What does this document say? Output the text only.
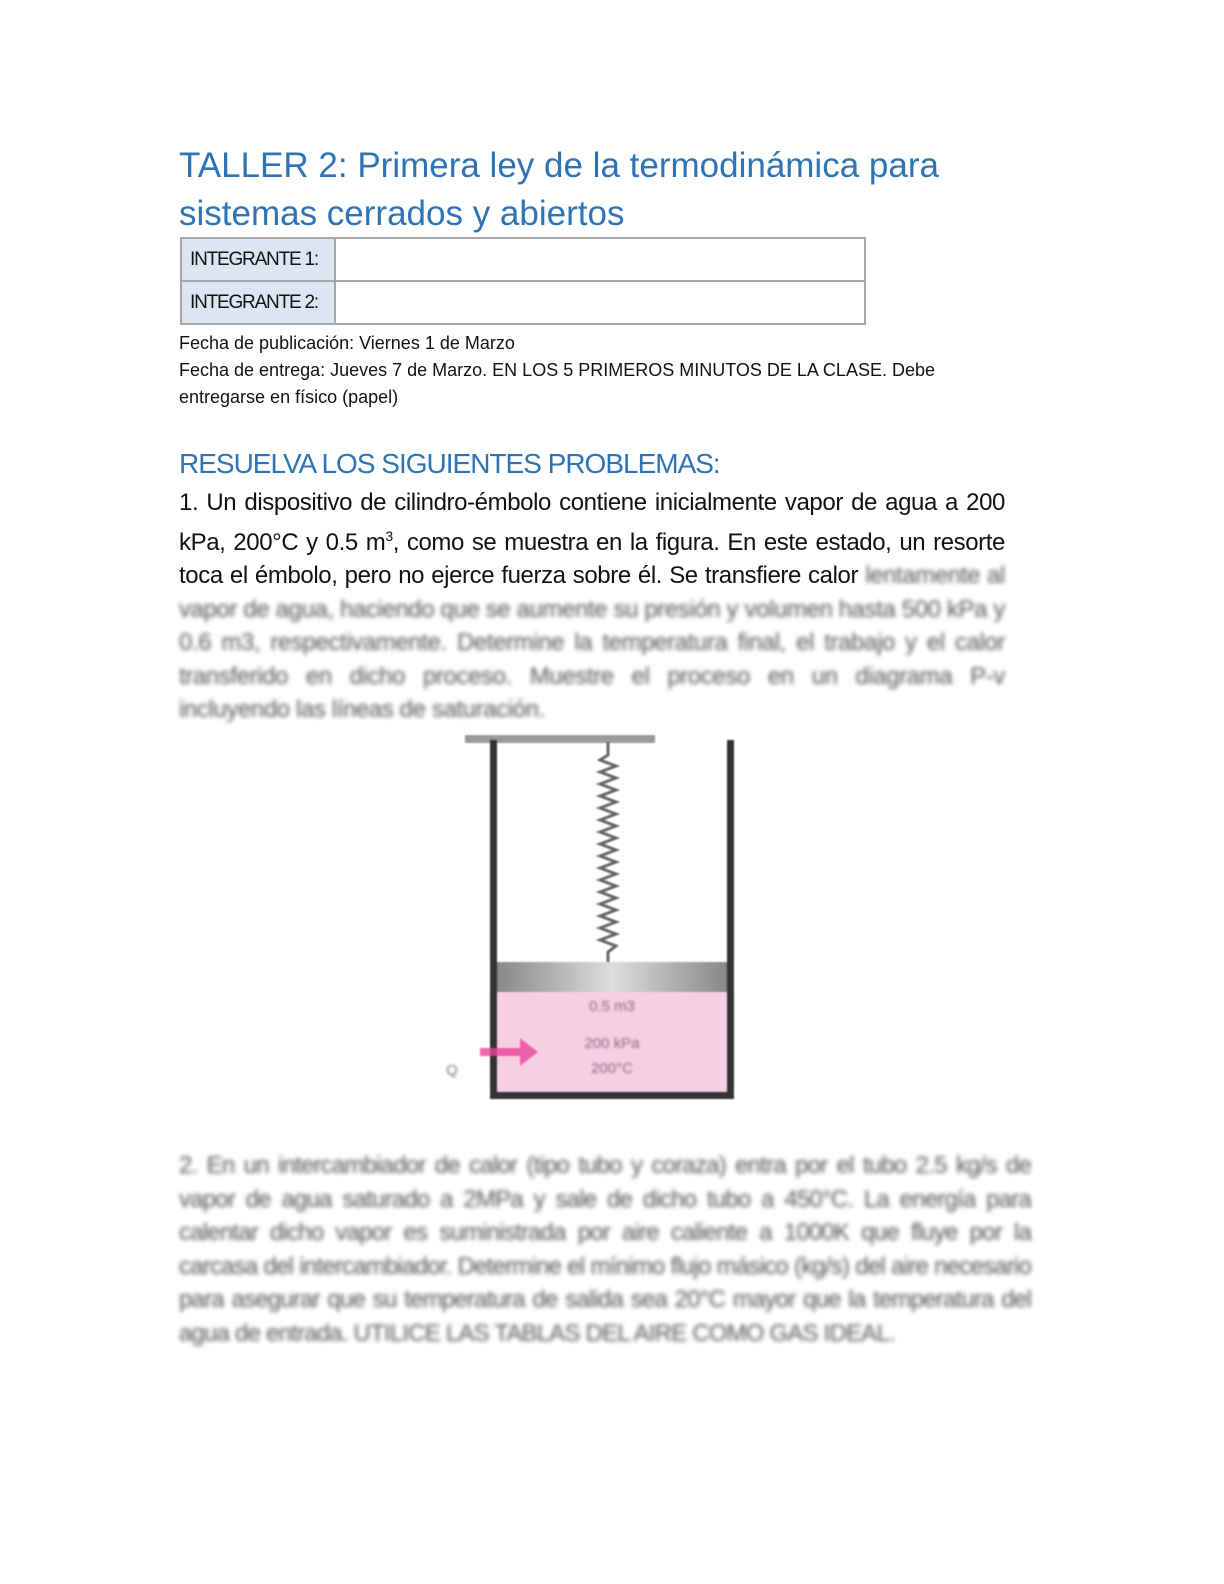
TALLER 2: Primera ley de la termodinámica para sistemas cerrados y abiertos
INTEGRANTE 1:	
INTEGRANTE 2:	
Fecha de publicación: Viernes 1 de Marzo
Fecha de entrega: Jueves 7 de Marzo. EN LOS 5 PRIMEROS MINUTOS DE LA CLASE. Debe entregarse en físico (papel)
RESUELVA LOS SIGUIENTES PROBLEMAS:
1. Un dispositivo de cilindro-émbolo contiene inicialmente vapor de agua a 200 kPa, 200°C y 0.5 $m^3$, como se muestra en la figura. En este estado, un resorte toca el émbolo, pero no ejerce fuerza sobre él. Se transfiere calor lentamente al vapor de agua, haciendo que se aumente su presión y volumen hasta 500 kPa y 0.6 m3, respectivamente. Determine la temperatura final, el trabajo y el calor transferido en dicho proceso. Muestre el proceso en un diagrama P-v incluyendo las líneas de saturación.
0.5 m3
200 kPa
200°C
Q
2. En un intercambiador de calor (tipo tubo y coraza) entra por el tubo 2.5 kg/s de vapor de agua saturado a 2MPa y sale de dicho tubo a 450°C. La energía para calentar dicho vapor es suministrada por aire caliente a 1000K que fluye por la carcasa del intercambiador. Determine el mínimo flujo másico (kg/s) del aire necesario para asegurar que su temperatura de salida sea 20°C mayor que la temperatura del agua de entrada. UTILICE LAS TABLAS DEL AIRE COMO GAS IDEAL.
